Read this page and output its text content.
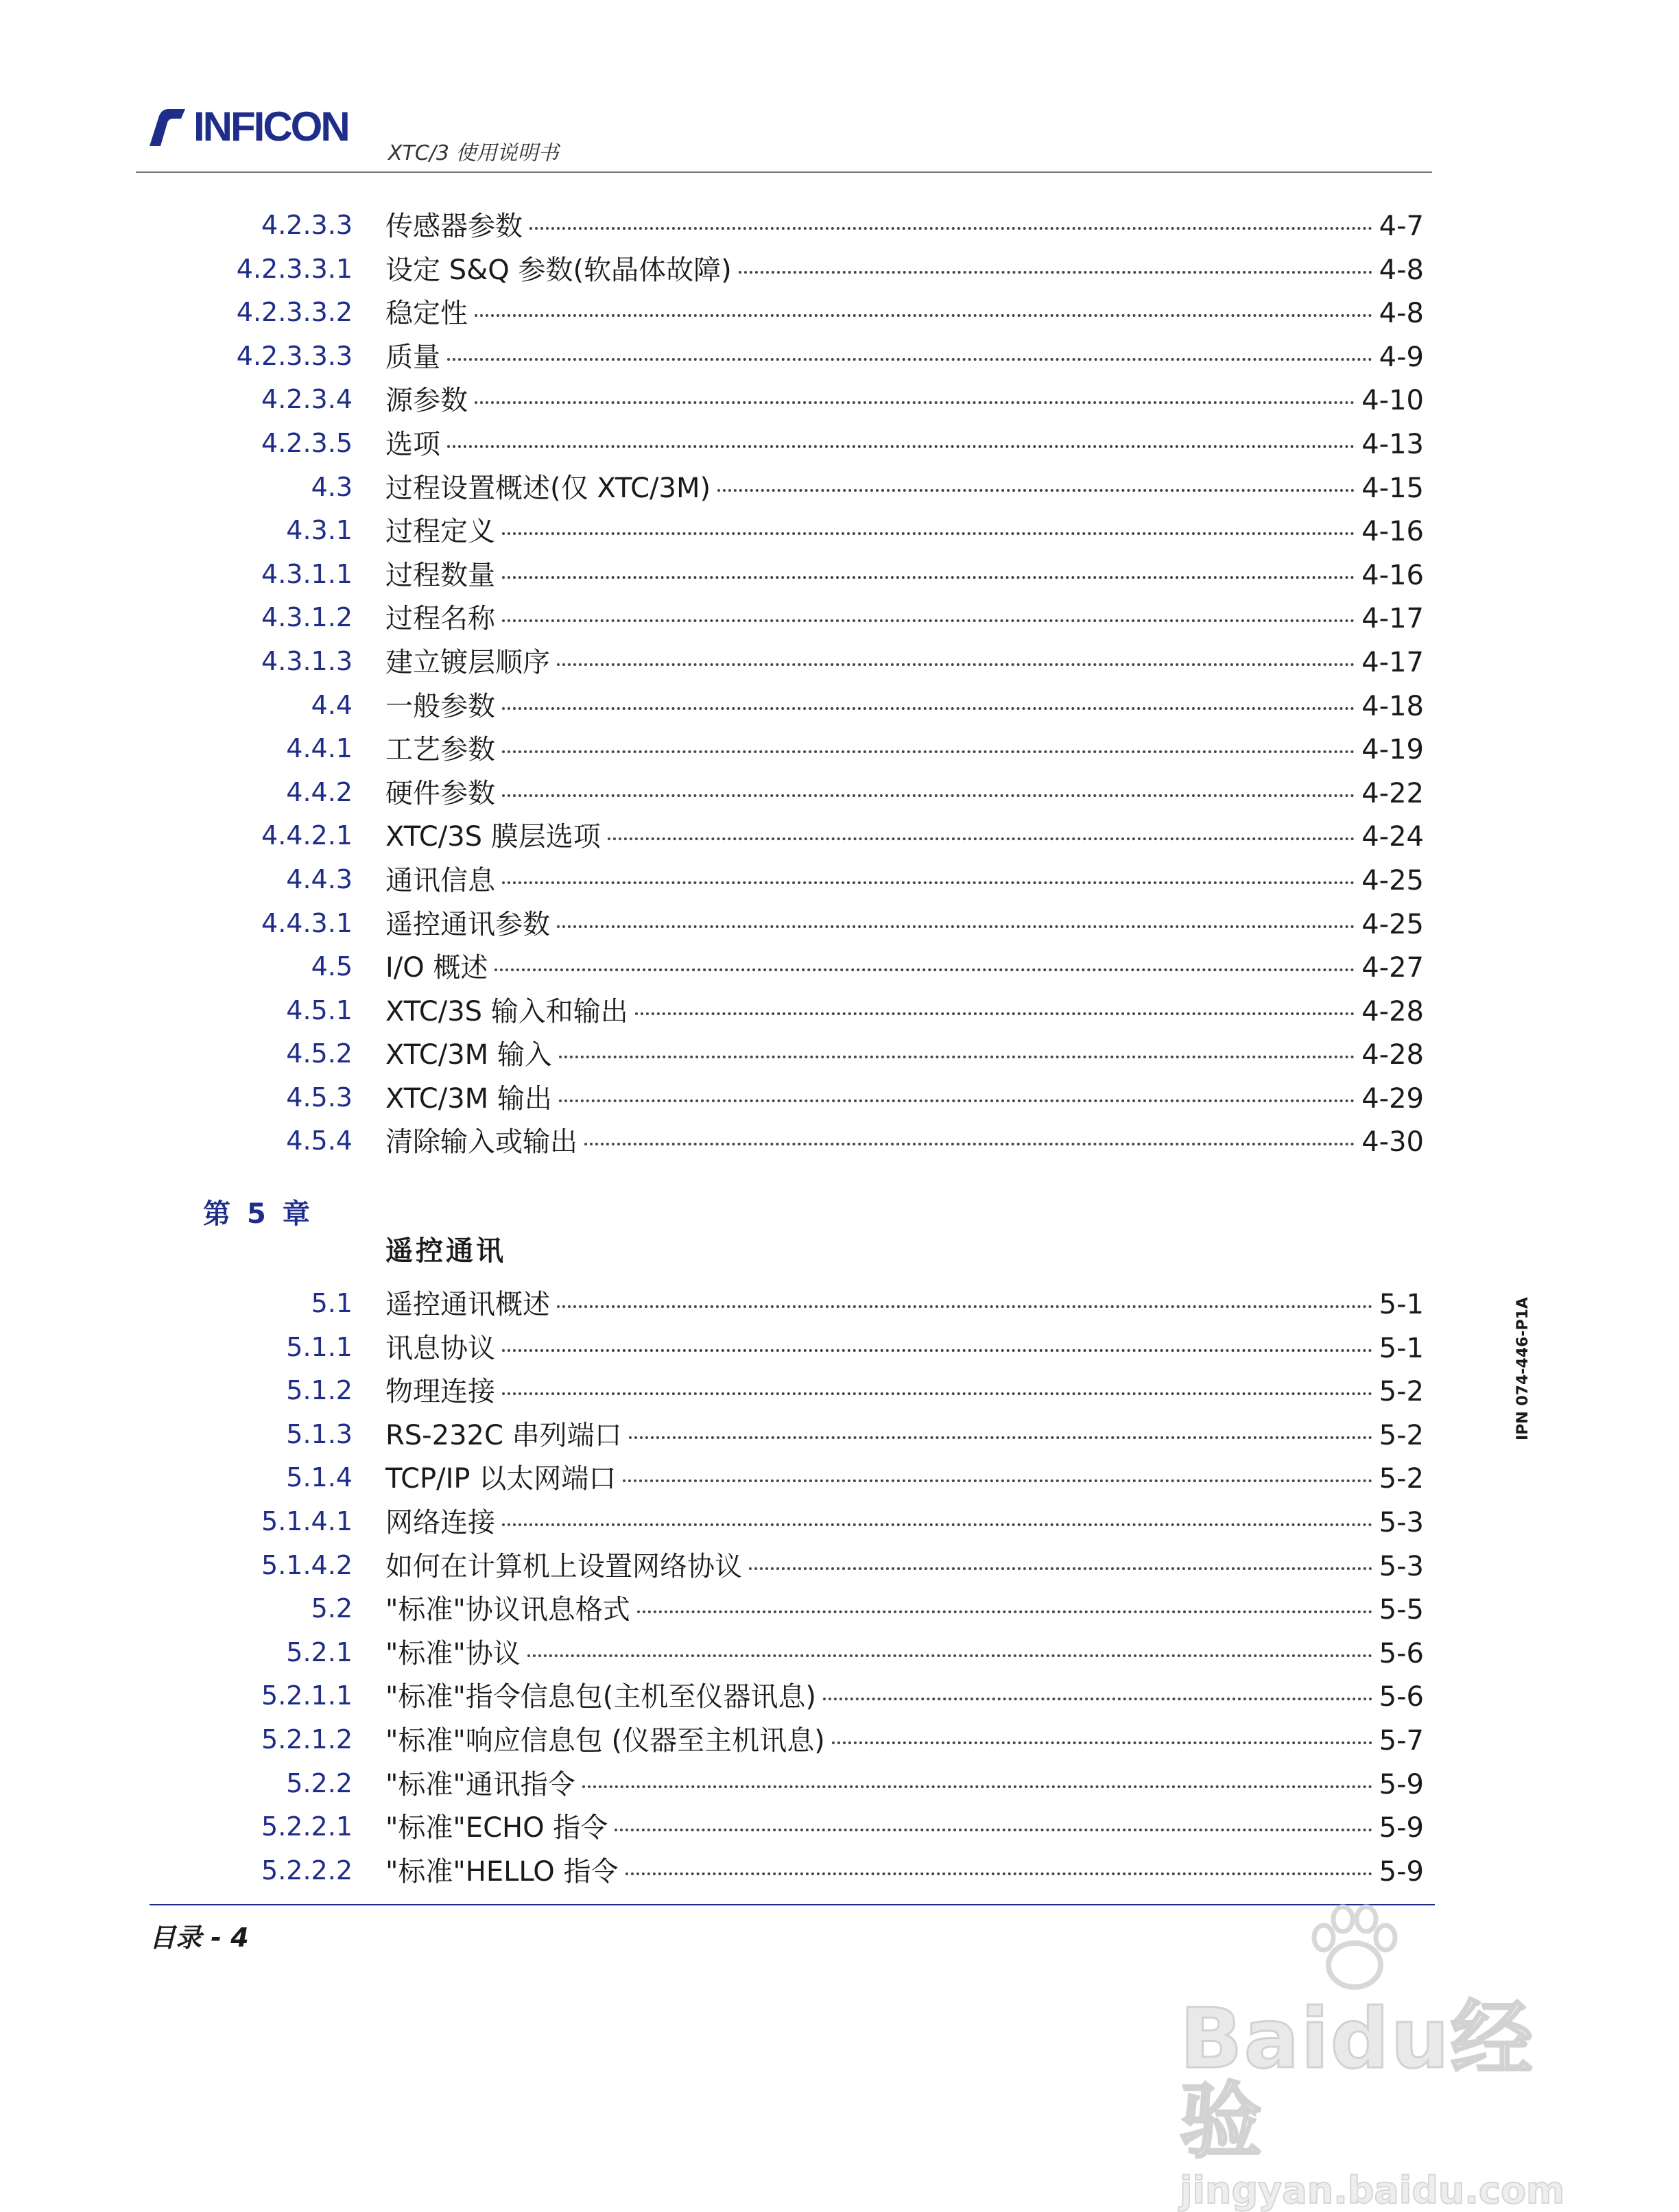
INFICON
XTC/3 使用说明书
4.2.3.3 传感器参数	4-7
4.2.3.3.1 设定 S&Q 参数(软晶体故障)	4-8
4.2.3.3.2 稳定性	4-8
4.2.3.3.3 质量	4-9
4.2.3.4 源参数	4-10
4.2.3.5 选项	4-13
4.3 过程设置概述(仅 XTC/3M)	4-15
4.3.1 过程定义	4-16
4.3.1.1 过程数量	4-16
4.3.1.2 过程名称	4-17
4.3.1.3 建立镀层顺序	4-17
4.4 一般参数	4-18
4.4.1 工艺参数	4-19
4.4.2 硬件参数	4-22
4.4.2.1 XTC/3S 膜层选项	4-24
4.4.3 通讯信息	4-25
4.4.3.1 遥控通讯参数	4-25
4.5 I/O 概述	4-27
4.5.1 XTC/3S 输入和输出	4-28
4.5.2 XTC/3M 输入	4-28
4.5.3 XTC/3M 输出	4-29
4.5.4 清除输入或输出	4-30
第 5 章
遥控通讯
5.1 遥控通讯概述	5-1
5.1.1 讯息协议	5-1
5.1.2 物理连接	5-2
5.1.3 RS-232C 串列端口	5-2
5.1.4 TCP/IP 以太网端口	5-2
5.1.4.1 网络连接	5-3
5.1.4.2 如何在计算机上设置网络协议	5-3
5.2 "标准"协议讯息格式	5-5
5.2.1 "标准"协议	5-6
5.2.1.1 "标准"指令信息包(主机至仪器讯息)	5-6
5.2.1.2 "标准"响应信息包 (仪器至主机讯息)	5-7
5.2.2 "标准"通讯指令	5-9
5.2.2.1 "标准"ECHO 指令	5-9
5.2.2.2 "标准"HELLO 指令	5-9
IPN 074-446-P1A
目录 - 4
Baidu经验
jingyan.baidu.com
